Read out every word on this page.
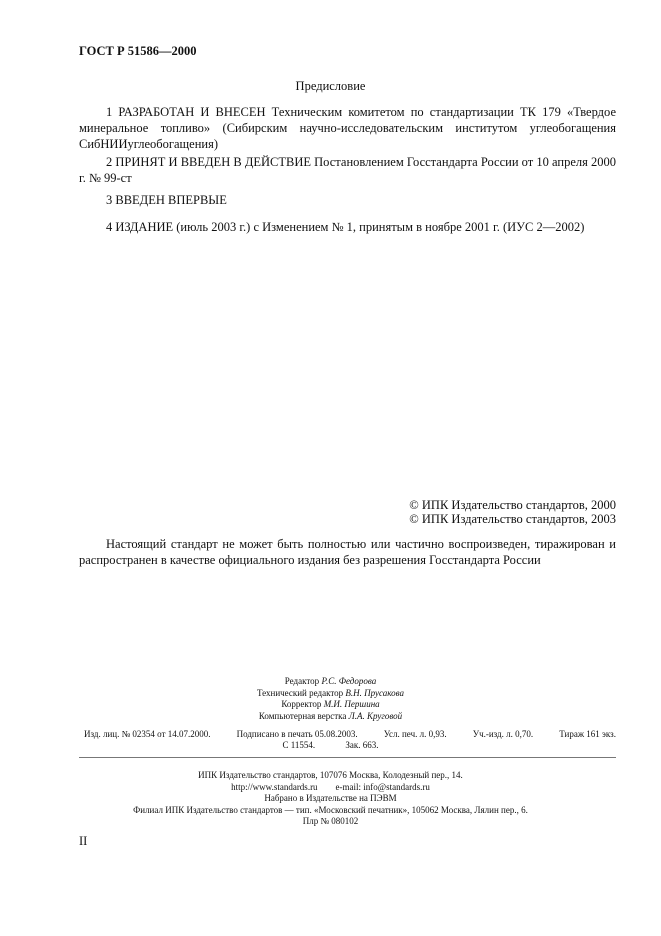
ГОСТ Р 51586—2000
Предисловие
1 РАЗРАБОТАН И ВНЕСЕН Техническим комитетом по стандартизации ТК 179 «Твердое минеральное топливо» (Сибирским научно-исследовательским институтом углеобогащения СибНИИуглеобогащения)
2 ПРИНЯТ И ВВЕДЕН В ДЕЙСТВИЕ Постановлением Госстандарта России от 10 апреля 2000 г. № 99-ст
3 ВВЕДЕН ВПЕРВЫЕ
4 ИЗДАНИЕ (июль 2003 г.) с Изменением № 1, принятым в ноябре 2001 г. (ИУС 2—2002)
© ИПК Издательство стандартов, 2000
© ИПК Издательство стандартов, 2003
Настоящий стандарт не может быть полностью или частично воспроизведен, тиражирован и распространен в качестве официального издания без разрешения Госстандарта России
Редактор Р.С. Федорова
Технический редактор В.Н. Прусакова
Корректор М.И. Першина
Компьютерная верстка Л.А. Круговой
Изд. лиц. № 02354 от 14.07.2000.	Подписано в печать 05.08.2003.	Усл. печ. л. 0,93.	Уч.-изд. л. 0,70.	Тираж 161 экз.
С 11554.	Зак. 663.
ИПК Издательство стандартов, 107076 Москва, Колодезный пер., 14.
http://www.standards.ru        e-mail: info@standards.ru
Набрано в Издательстве на ПЭВМ
Филиал ИПК Издательство стандартов — тип. «Московский печатник», 105062 Москва, Лялин пер., 6.
Плр № 080102
II
